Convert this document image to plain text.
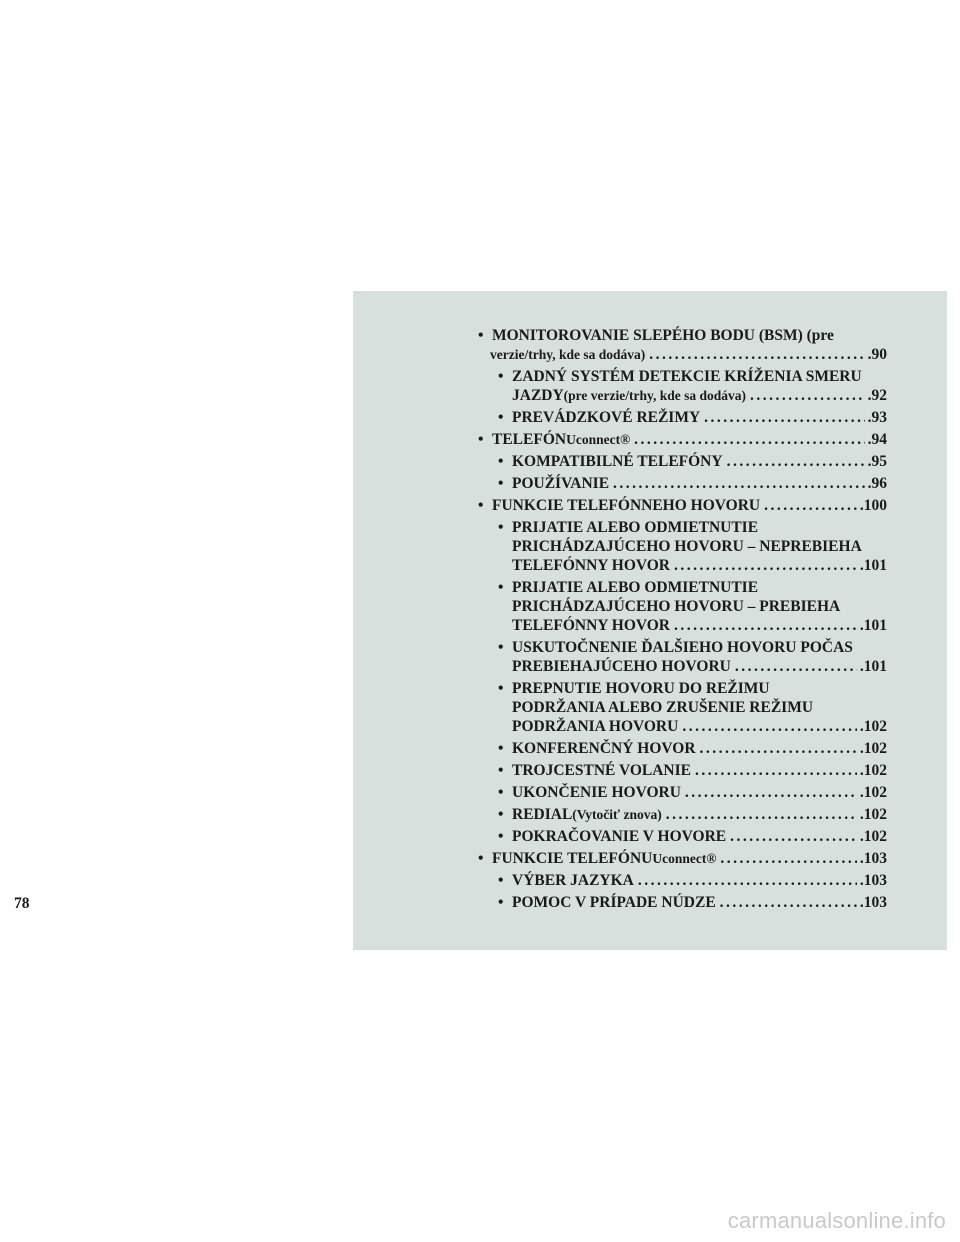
• MONITOROVANIE SLEPÉHO BODU (BSM) (pre
verzie/trhy, kde sa dodáva) .....	.90
• ZADNÝ SYSTÉM DETEKCIE KRÍŽENIA SMERU
JAZDY (pre verzie/trhy, kde sa dodáva) .....	.92
• PREVÁDZKOVÉ REŽIMY .....	.93
• TELEFÓN Uconnect® .....	.94
• KOMPATIBILNÉ TELEFÓNY .....	.95
• POUŽÍVANIE .....	.96
• FUNKCIE TELEFÓNNEHO HOVORU .....	.100
• PRIJATIE ALEBO ODMIETNUTIE
PRICHÁDZAJÚCEHO HOVORU – NEPREBIEHA
TELEFÓNNY HOVOR .....	.101
• PRIJATIE ALEBO ODMIETNUTIE
PRICHÁDZAJÚCEHO HOVORU – PREBIEHA
TELEFÓNNY HOVOR .....	.101
• USKUTOČNENIE ĎALŠIEHO HOVORU POČAS
PREBIEHAJÚCEHO HOVORU .....	.101
• PREPNUTIE HOVORU DO REŽIMU
PODRŽANIA ALEBO ZRUŠENIE REŽIMU
PODRŽANIA HOVORU .....	.102
• KONFERENČNÝ HOVOR .....	.102
• TROJCESTNÉ VOLANIE .....	.102
• UKONČENIE HOVORU .....	.102
• REDIAL (Vytočiť znova) .....	.102
• POKRAČOVANIE V HOVORE .....	.102
• FUNKCIE TELEFÓNU Uconnect® .....	.103
• VÝBER JAZYKA .....	.103
• POMOC V PRÍPADE NÚDZE .....	.103
78
carmanualsonline.info
